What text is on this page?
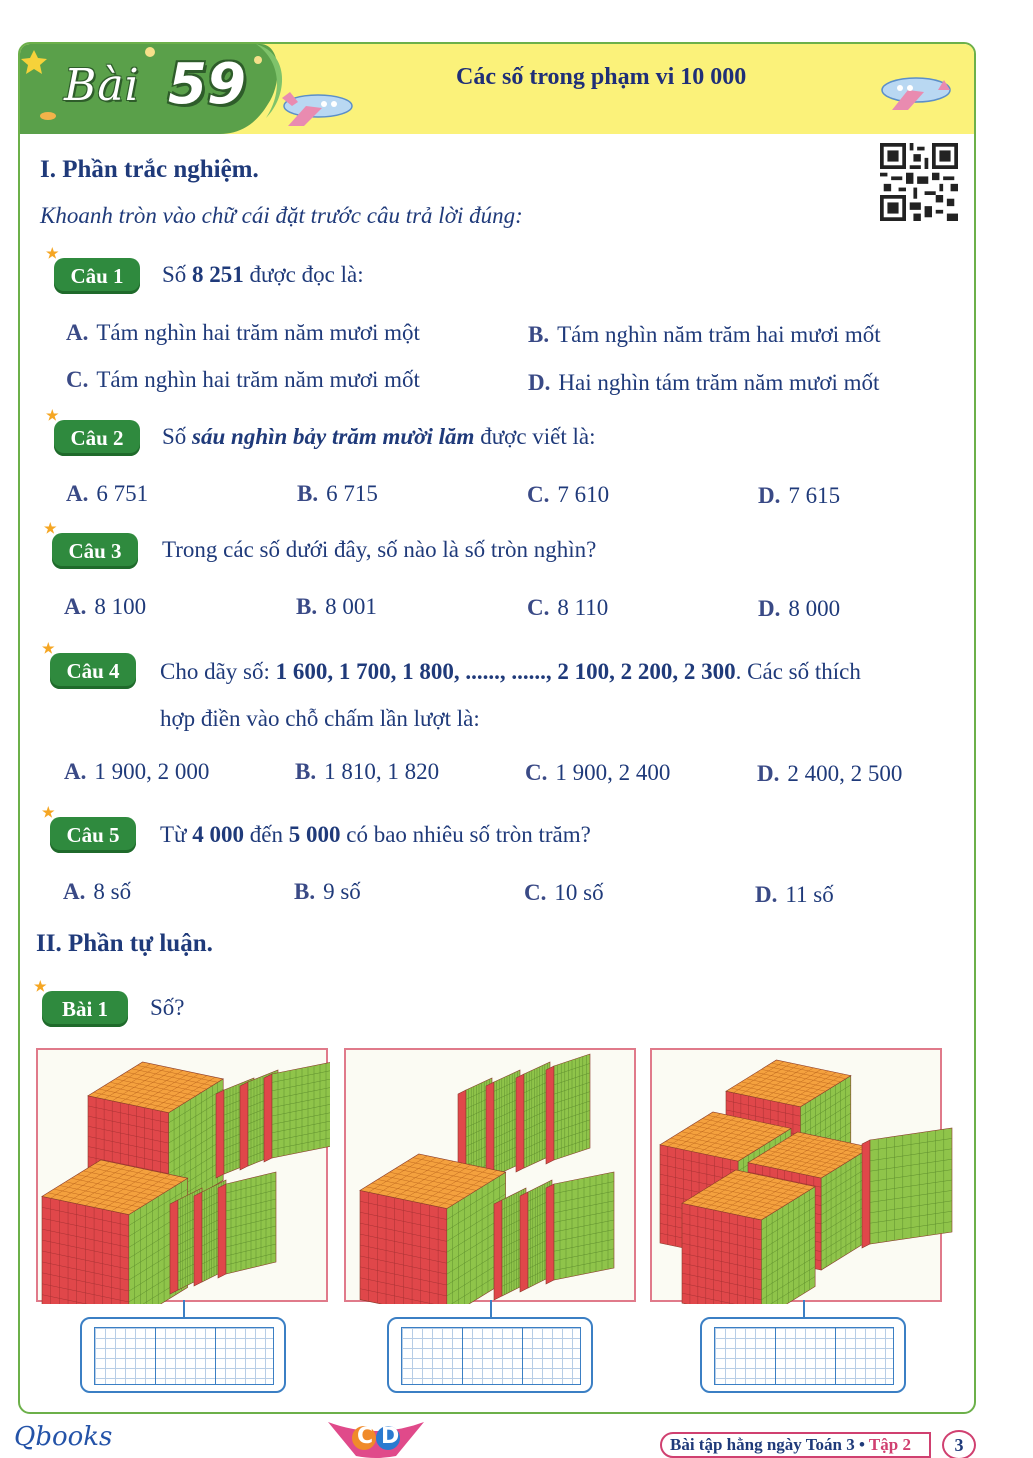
Bài 59	Các số trong phạm vi 10 000
I. Phần trắc nghiệm.
Khoanh tròn vào chữ cái đặt trước câu trả lời đúng:
★
Câu 1 Số 8 251 được đọc là:
A. Tám nghìn hai trăm năm mươi một	B. Tám nghìn năm trăm hai mươi mốt
C. Tám nghìn hai trăm năm mươi mốt	D. Hai nghìn tám trăm năm mươi mốt
★
Câu 2 Số sáu nghìn bảy trăm mười lăm được viết là:
A. 6 751	B. 6 715	C. 7 610	D. 7 615
★
Câu 3 Trong các số dưới đây, số nào là số tròn nghìn?
A. 8 100	B. 8 001	C. 8 110	D. 8 000
★
Câu 4 Cho dãy số: 1 600, 1 700, 1 800, ......, ......, 2 100, 2 200, 2 300. Các số thích
hợp điền vào chỗ chấm lần lượt là:
A. 1 900, 2 000	B. 1 810, 1 820	C. 1 900, 2 400	D. 2 400, 2 500
★
Câu 5 Từ 4 000 đến 5 000 có bao nhiêu số tròn trăm?
A. 8 số	B. 9 số	C. 10 số	D. 11 số
II. Phần tự luận.
★
Bài 1 Số?
Qbooks	C D	Bài tập hằng ngày Toán 3 • Tập 2	3
